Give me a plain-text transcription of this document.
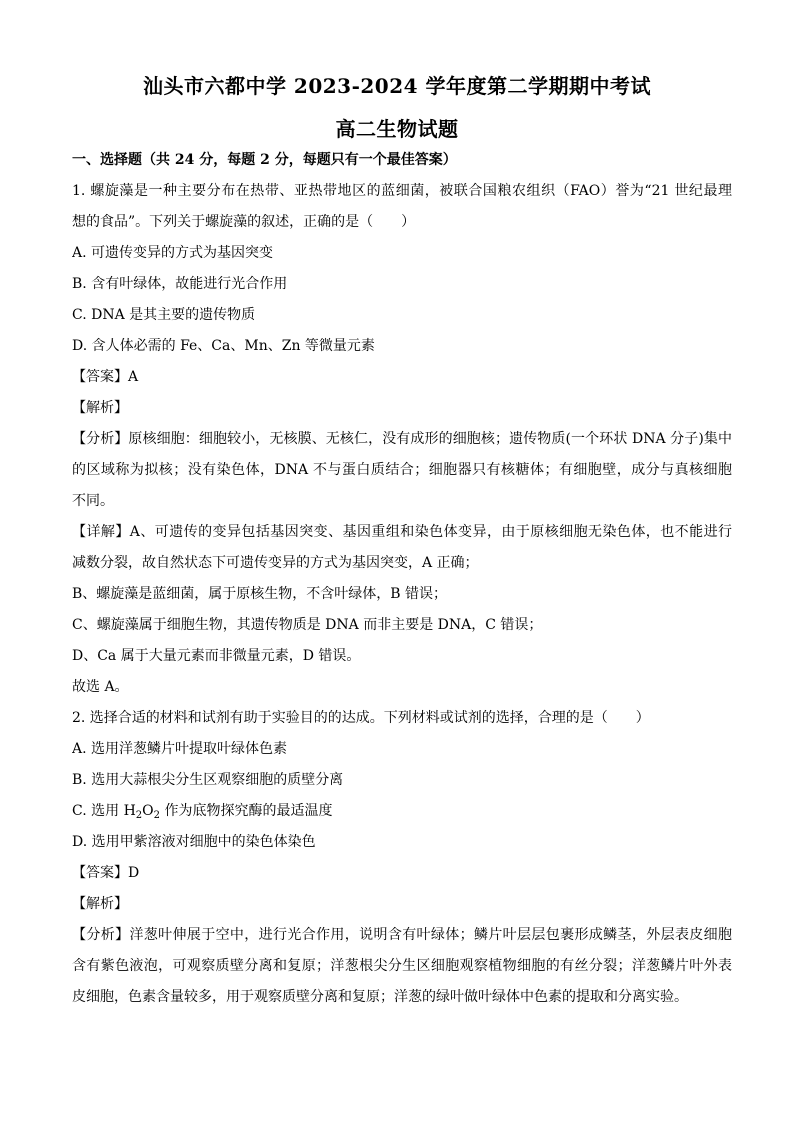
汕头市六都中学 2023-2024 学年度第二学期期中考试
高二生物试题
一、选择题（共 24 分，每题 2 分，每题只有一个最佳答案）
1. 螺旋藻是一种主要分布在热带、亚热带地区的蓝细菌，被联合国粮农组织（FAO）誉为“21 世纪最理
想的食品”。下列关于螺旋藻的叙述，正确的是（　　）
A. 可遗传变异的方式为基因突变
B. 含有叶绿体，故能进行光合作用
C. DNA 是其主要的遗传物质
D. 含人体必需的 Fe、Ca、Mn、Zn 等微量元素
【答案】A
【解析】
【分析】原核细胞：细胞较小，无核膜、无核仁，没有成形的细胞核；遗传物质(一个环状 DNA 分子)集中
的区域称为拟核；没有染色体，DNA 不与蛋白质结合；细胞器只有核糖体；有细胞壁，成分与真核细胞
不同。
【详解】A、可遗传的变异包括基因突变、基因重组和染色体变异，由于原核细胞无染色体，也不能进行
减数分裂，故自然状态下可遗传变异的方式为基因突变，A 正确；
B、螺旋藻是蓝细菌，属于原核生物，不含叶绿体，B 错误；
C、螺旋藻属于细胞生物，其遗传物质是 DNA 而非主要是 DNA，C 错误；
D、Ca 属于大量元素而非微量元素，D 错误。
故选 A。
2. 选择合适的材料和试剂有助于实验目的的达成。下列材料或试剂的选择，合理的是（　　）
A. 选用洋葱鳞片叶提取叶绿体色素
B. 选用大蒜根尖分生区观察细胞的质壁分离
C. 选用 $H_2O_2$ 作为底物探究酶的最适温度
D. 选用甲紫溶液对细胞中的染色体染色
【答案】D
【解析】
【分析】洋葱叶伸展于空中，进行光合作用，说明含有叶绿体；鳞片叶层层包裹形成鳞茎，外层表皮细胞
含有紫色液泡，可观察质壁分离和复原；洋葱根尖分生区细胞观察植物细胞的有丝分裂；洋葱鳞片叶外表
皮细胞，色素含量较多，用于观察质壁分离和复原；洋葱的绿叶做叶绿体中色素的提取和分离实验。
